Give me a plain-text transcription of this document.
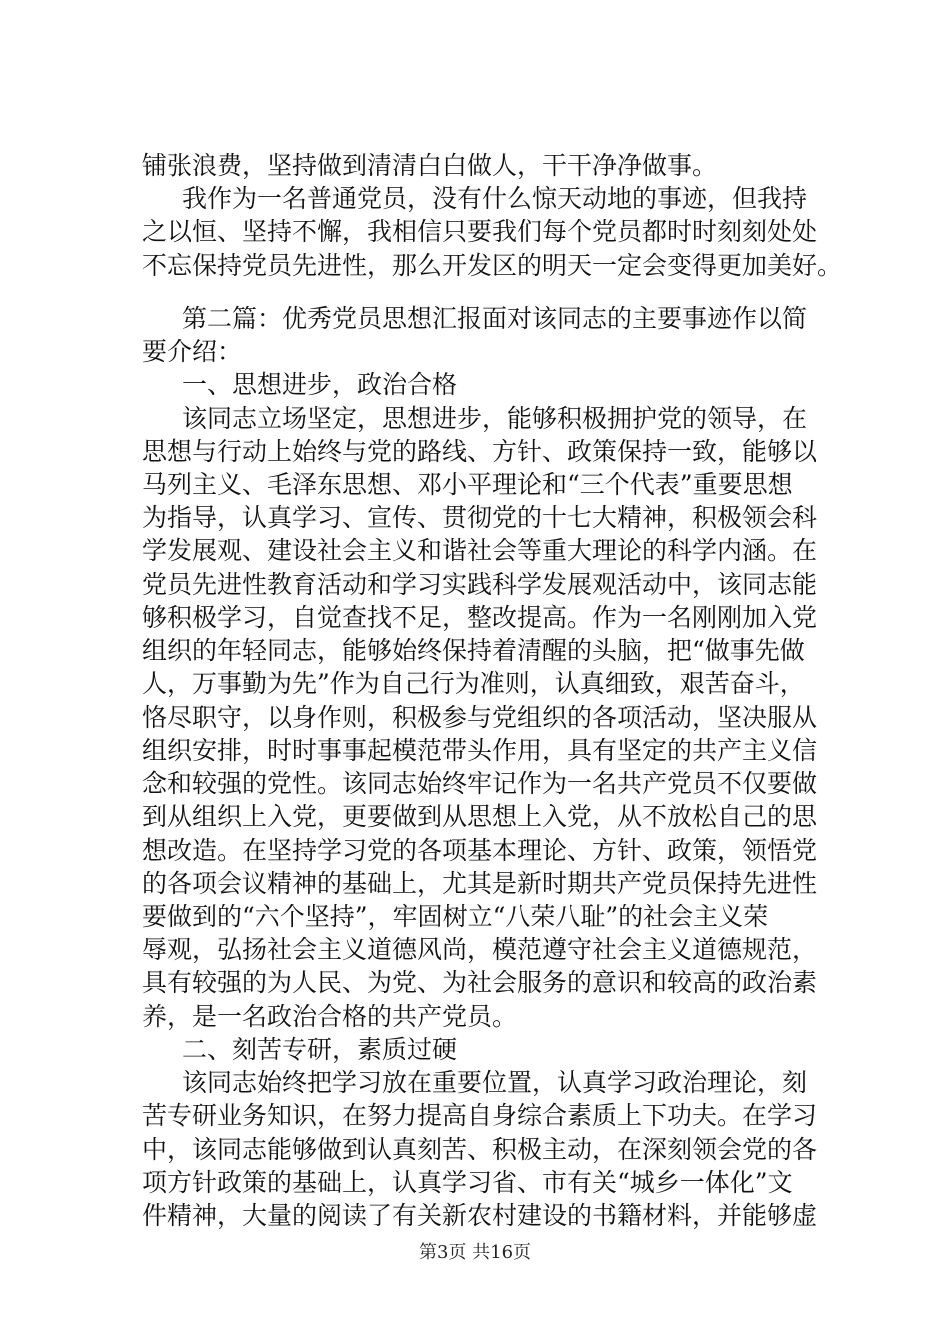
第3页 共16页
铺张浪费，坚持做到清清白白做人，干干净净做事。
我作为一名普通党员，没有什么惊天动地的事迹，但我持
之以恒、坚持不懈，我相信只要我们每个党员都时时刻刻处处
不忘保持党员先进性，那么开发区的明天一定会变得更加美好。
第二篇：优秀党员思想汇报面对该同志的主要事迹作以简
要介绍：
一、思想进步，政治合格
该同志立场坚定，思想进步，能够积极拥护党的领导，在
思想与行动上始终与党的路线、方针、政策保持一致，能够以
马列主义、毛泽东思想、邓小平理论和“三个代表”重要思想
为指导，认真学习、宣传、贯彻党的十七大精神，积极领会科
学发展观、建设社会主义和谐社会等重大理论的科学内涵。在
党员先进性教育活动和学习实践科学发展观活动中，该同志能
够积极学习，自觉查找不足，整改提高。作为一名刚刚加入党
组织的年轻同志，能够始终保持着清醒的头脑，把“做事先做
人，万事勤为先”作为自己行为准则，认真细致，艰苦奋斗，
恪尽职守，以身作则，积极参与党组织的各项活动，坚决服从
组织安排，时时事事起模范带头作用，具有坚定的共产主义信
念和较强的党性。该同志始终牢记作为一名共产党员不仅要做
到从组织上入党，更要做到从思想上入党，从不放松自己的思
想改造。在坚持学习党的各项基本理论、方针、政策，领悟党
的各项会议精神的基础上，尤其是新时期共产党员保持先进性
要做到的“六个坚持”，牢固树立“八荣八耻”的社会主义荣
辱观，弘扬社会主义道德风尚，模范遵守社会主义道德规范，
具有较强的为人民、为党、为社会服务的意识和较高的政治素
养，是一名政治合格的共产党员。
二、刻苦专研，素质过硬
该同志始终把学习放在重要位置，认真学习政治理论，刻
苦专研业务知识，在努力提高自身综合素质上下功夫。在学习
中，该同志能够做到认真刻苦、积极主动，在深刻领会党的各
项方针政策的基础上，认真学习省、市有关“城乡一体化”文
件精神，大量的阅读了有关新农村建设的书籍材料，并能够虚
